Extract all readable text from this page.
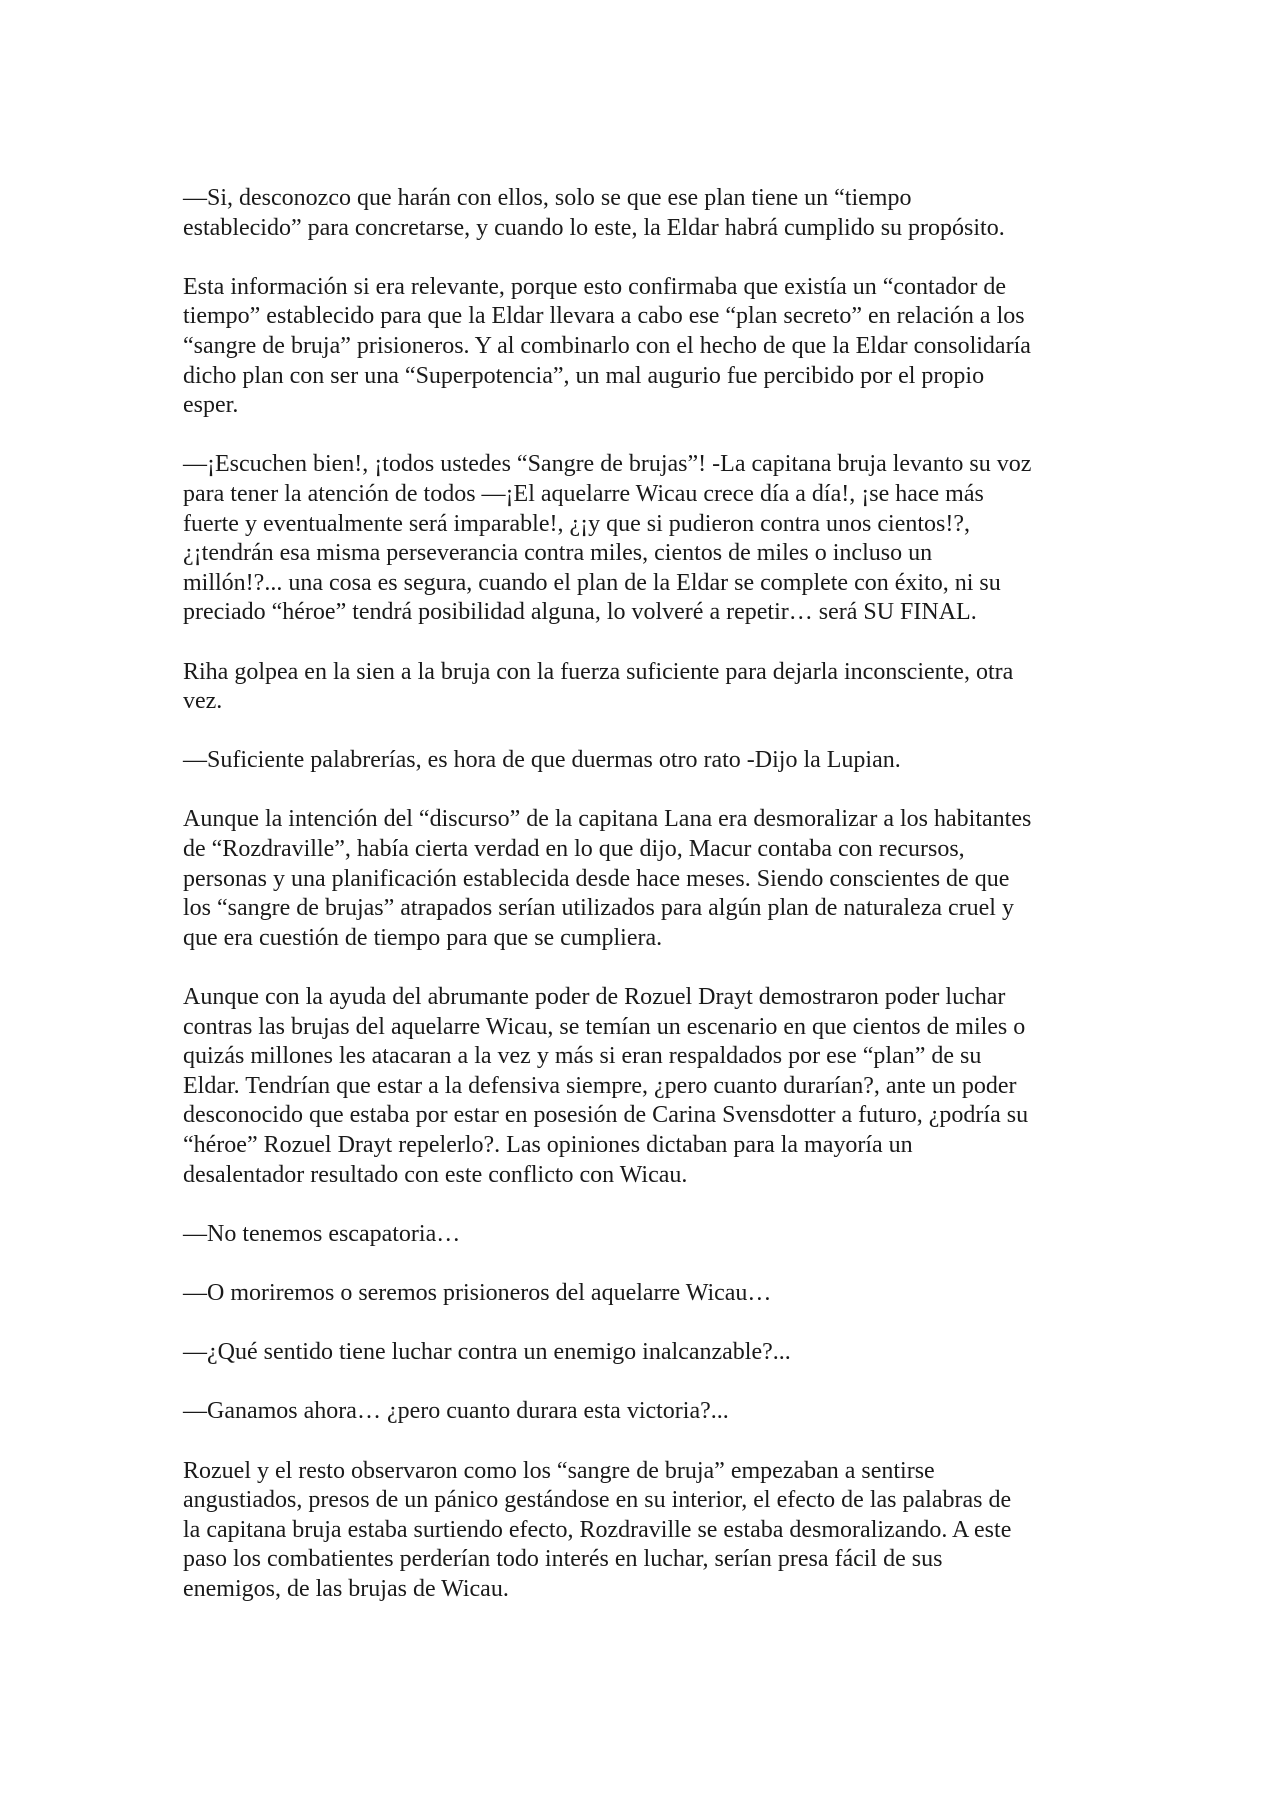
—Si, desconozco que harán con ellos, solo se que ese plan tiene un “tiempo
establecido” para concretarse, y cuando lo este, la Eldar habrá cumplido su propósito.

Esta información si era relevante, porque esto confirmaba que existía un “contador de
tiempo” establecido para que la Eldar llevara a cabo ese “plan secreto” en relación a los
“sangre de bruja” prisioneros. Y al combinarlo con el hecho de que la Eldar consolidaría
dicho plan con ser una “Superpotencia”, un mal augurio fue percibido por el propio
esper.

—¡Escuchen bien!, ¡todos ustedes “Sangre de brujas”! -La capitana bruja levanto su voz
para tener la atención de todos —¡El aquelarre Wicau crece día a día!, ¡se hace más
fuerte y eventualmente será imparable!, ¿¡y que si pudieron contra unos cientos!?,
¿¡tendrán esa misma perseverancia contra miles, cientos de miles o incluso un
millón!?... una cosa es segura, cuando el plan de la Eldar se complete con éxito, ni su
preciado “héroe” tendrá posibilidad alguna, lo volveré a repetir… será SU FINAL.

Riha golpea en la sien a la bruja con la fuerza suficiente para dejarla inconsciente, otra
vez.

—Suficiente palabrerías, es hora de que duermas otro rato -Dijo la Lupian.

Aunque la intención del “discurso” de la capitana Lana era desmoralizar a los habitantes
de “Rozdraville”, había cierta verdad en lo que dijo, Macur contaba con recursos,
personas y una planificación establecida desde hace meses. Siendo conscientes de que
los “sangre de brujas” atrapados serían utilizados para algún plan de naturaleza cruel y
que era cuestión de tiempo para que se cumpliera.

Aunque con la ayuda del abrumante poder de Rozuel Drayt demostraron poder luchar
contras las brujas del aquelarre Wicau, se temían un escenario en que cientos de miles o
quizás millones les atacaran a la vez y más si eran respaldados por ese “plan” de su
Eldar. Tendrían que estar a la defensiva siempre, ¿pero cuanto durarían?, ante un poder
desconocido que estaba por estar en posesión de Carina Svensdotter a futuro, ¿podría su
“héroe” Rozuel Drayt repelerlo?. Las opiniones dictaban para la mayoría un
desalentador resultado con este conflicto con Wicau.

—No tenemos escapatoria…

—O moriremos o seremos prisioneros del aquelarre Wicau…

—¿Qué sentido tiene luchar contra un enemigo inalcanzable?...

—Ganamos ahora… ¿pero cuanto durara esta victoria?...

Rozuel y el resto observaron como los “sangre de bruja” empezaban a sentirse
angustiados, presos de un pánico gestándose en su interior, el efecto de las palabras de
la capitana bruja estaba surtiendo efecto, Rozdraville se estaba desmoralizando. A este
paso los combatientes perderían todo interés en luchar, serían presa fácil de sus
enemigos, de las brujas de Wicau.
